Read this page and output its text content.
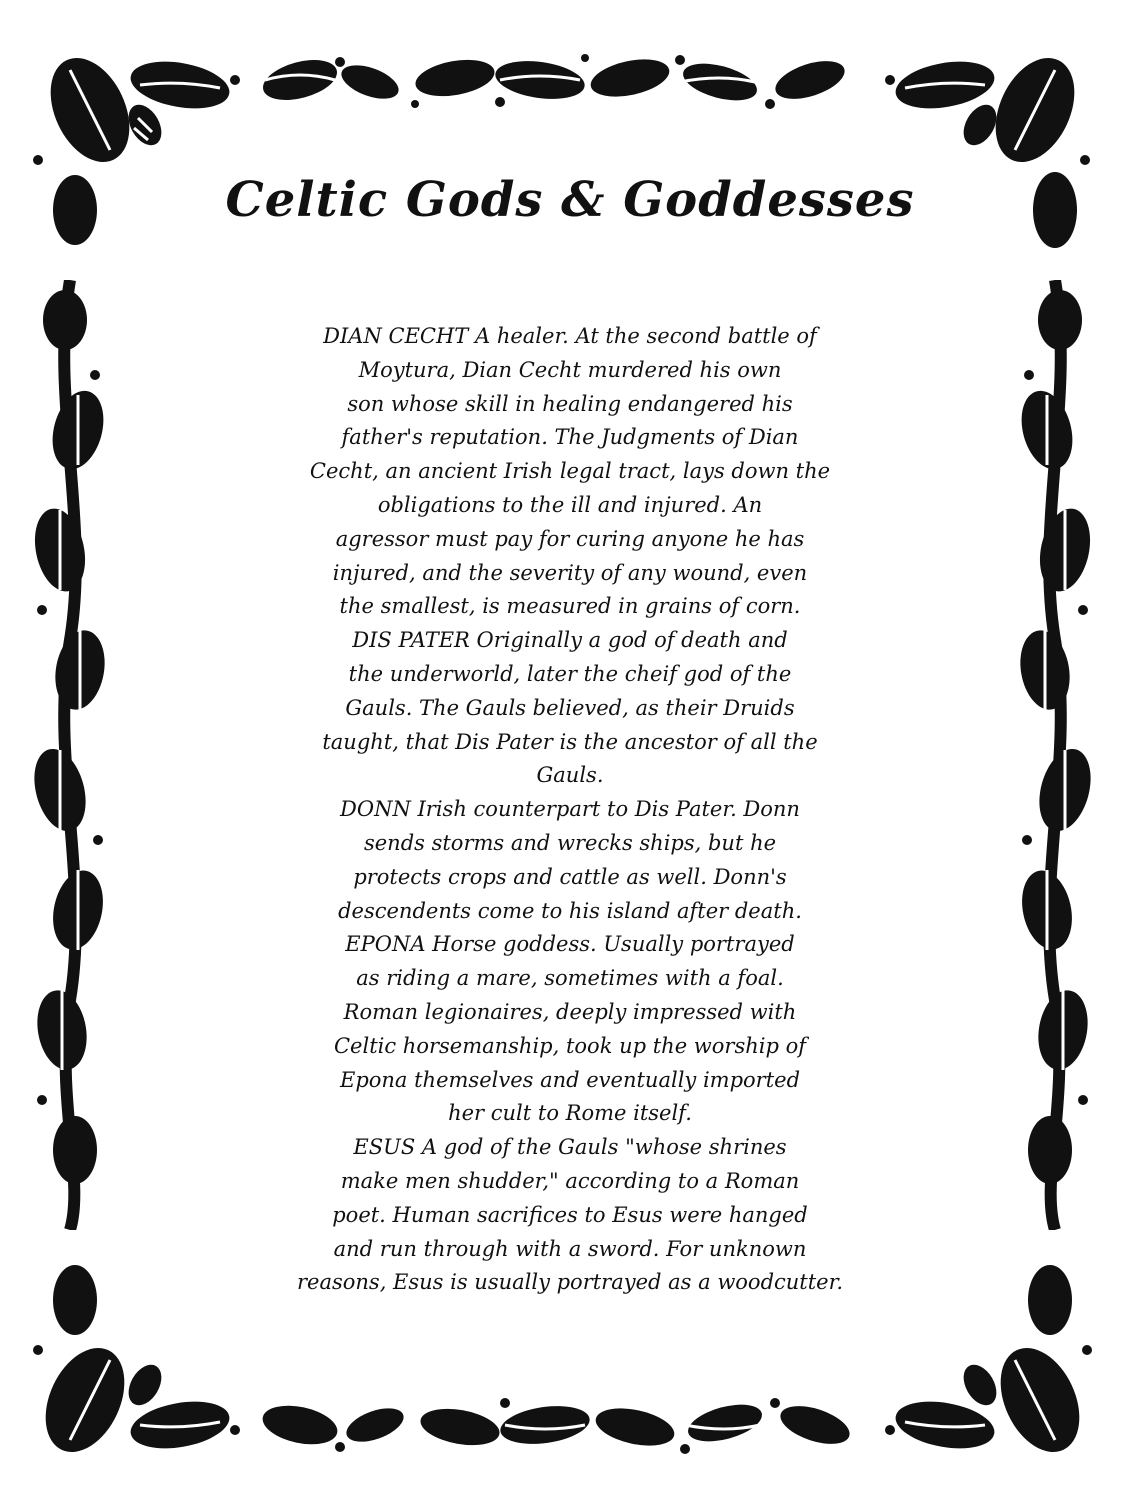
Celtic Gods & Goddesses
DIAN CECHT A healer. At the second battle of
Moytura, Dian Cecht murdered his own
son whose skill in healing endangered his
father's reputation. The Judgments of Dian
Cecht, an ancient Irish legal tract, lays down the
obligations to the ill and injured. An
agressor must pay for curing anyone he has
injured, and the severity of any wound, even
the smallest, is measured in grains of corn.
DIS PATER Originally a god of death and
the underworld, later the cheif god of the
Gauls. The Gauls believed, as their Druids
taught, that Dis Pater is the ancestor of all the
Gauls.
DONN Irish counterpart to Dis Pater. Donn
sends storms and wrecks ships, but he
protects crops and cattle as well. Donn's
descendents come to his island after death.
EPONA Horse goddess. Usually portrayed
as riding a mare, sometimes with a foal.
Roman legionaires, deeply impressed with
Celtic horsemanship, took up the worship of
Epona themselves and eventually imported
her cult to Rome itself.
ESUS A god of the Gauls "whose shrines
make men shudder," according to a Roman
poet. Human sacrifices to Esus were hanged
and run through with a sword. For unknown
reasons, Esus is usually portrayed as a woodcutter.
